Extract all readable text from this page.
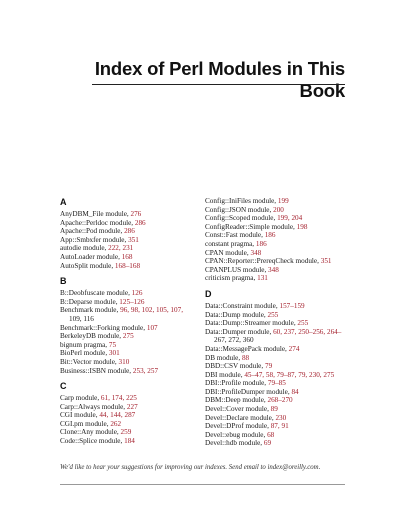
Index of Perl Modules in This Book
A
AnyDBM_File module, 276
Apache::Perldoc module, 286
Apache::Pod module, 286
App::Smbxfer module, 351
autodie module, 222, 231
AutoLoader module, 168
AutoSplit module, 168–168
B
B::Deobfuscate module, 126
B::Deparse module, 125–126
Benchmark module, 96, 98, 102, 105, 107,
109, 116
Benchmark::Forking module, 107
BerkeleyDB module, 275
bignum pragma, 75
BioPerl module, 301
Bit::Vector module, 310
Business::ISBN module, 253, 257
C
Carp module, 61, 174, 225
Carp::Always module, 227
CGI module, 44, 144, 287
CGI.pm module, 262
Clone::Any module, 259
Code::Splice module, 184
Config::IniFiles module, 199
Config::JSON module, 200
Config::Scoped module, 199, 204
ConfigReader::Simple module, 198
Const::Fast module, 186
constant pragma, 186
CPAN module, 348
CPAN::Reporter::PrereqCheck module, 351
CPANPLUS module, 348
criticism pragma, 131
D
Data::Constraint module, 157–159
Data::Dump module, 255
Data::Dump::Streamer module, 255
Data::Dumper module, 60, 237, 250–256, 264–
267, 272, 360
Data::MessagePack module, 274
DB module, 88
DBD::CSV module, 79
DBI module, 45–47, 58, 79–87, 79, 230, 275
DBI::Profile module, 79–85
DBI::ProfileDumper module, 84
DBM::Deep module, 268–270
Devel::Cover module, 89
Devel::Declare module, 230
Devel::DProf module, 87, 91
Devel::ebug module, 68
Devel::hdb module, 69
We'd like to hear your suggestions for improving our indexes. Send email to index@oreilly.com.
